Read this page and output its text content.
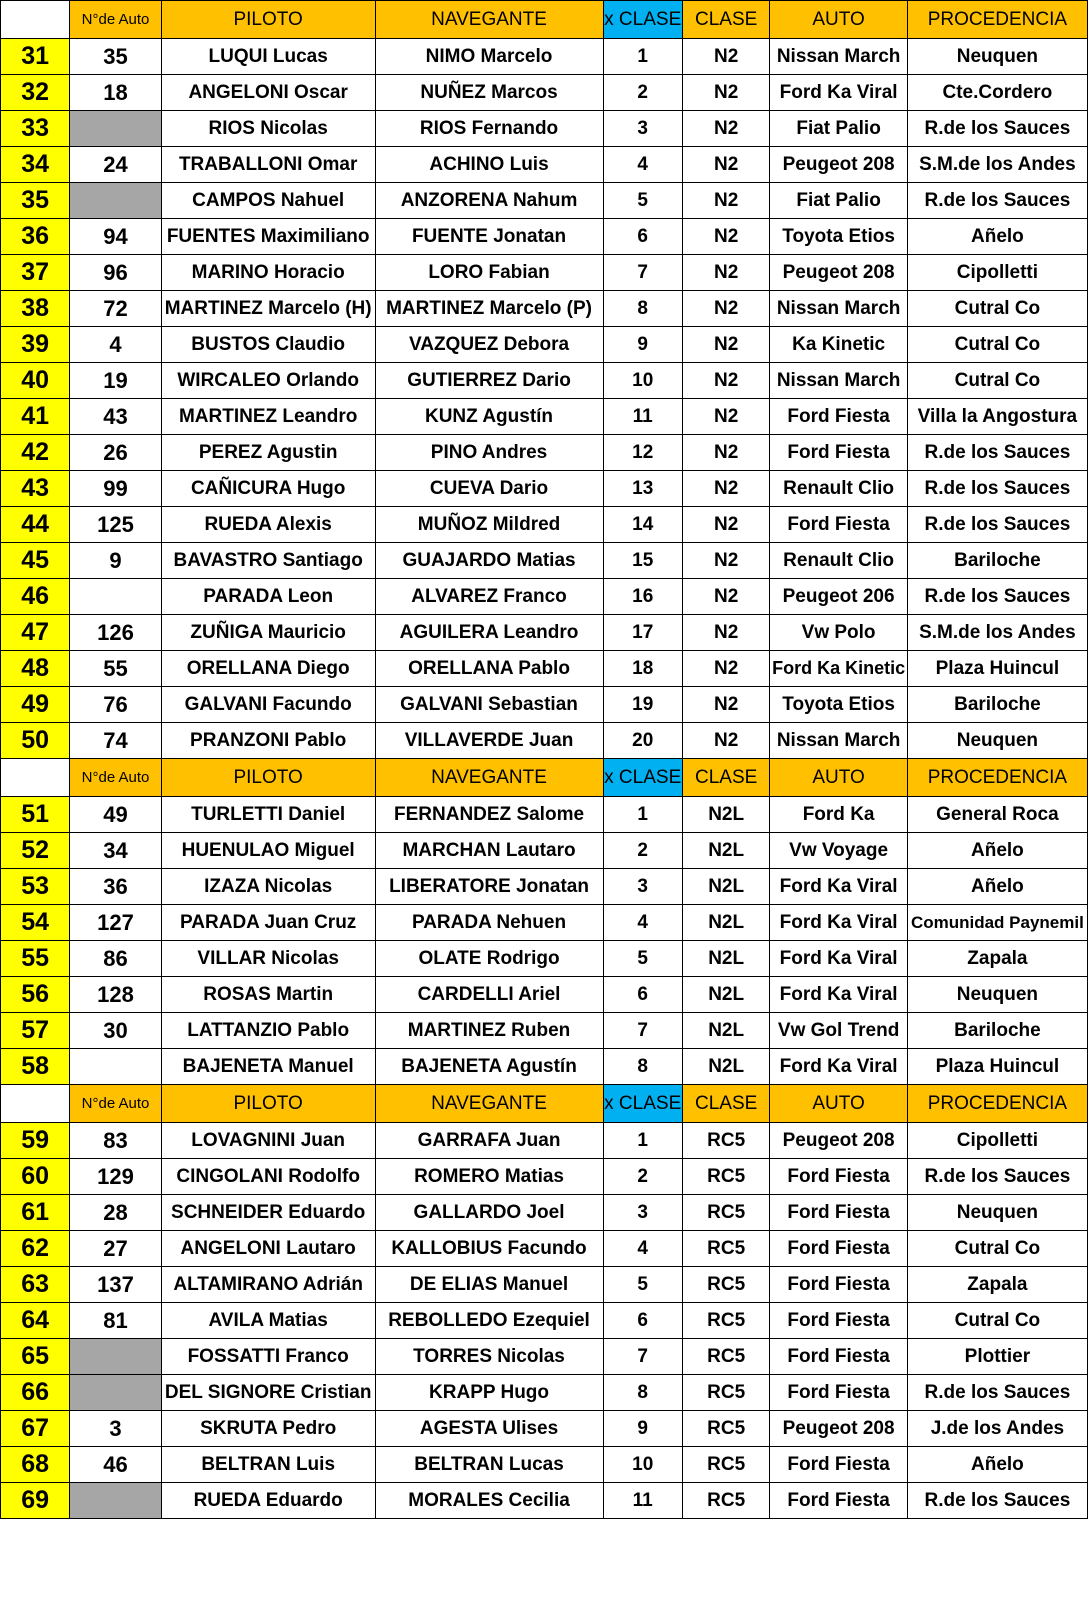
	N°de Auto	PILOTO	NAVEGANTE	x CLASE	CLASE	AUTO	PROCEDENCIA
31	35	LUQUI Lucas	NIMO Marcelo	1	N2	Nissan March	Neuquen
32	18	ANGELONI Oscar	NUÑEZ Marcos	2	N2	Ford Ka Viral	Cte.Cordero
33		RIOS Nicolas	RIOS Fernando	3	N2	Fiat Palio	R.de los Sauces
34	24	TRABALLONI Omar	ACHINO Luis	4	N2	Peugeot 208	S.M.de los Andes
35		CAMPOS Nahuel	ANZORENA Nahum	5	N2	Fiat Palio	R.de los Sauces
36	94	FUENTES Maximiliano	FUENTE Jonatan	6	N2	Toyota Etios	Añelo
37	96	MARINO Horacio	LORO Fabian	7	N2	Peugeot 208	Cipolletti
38	72	MARTINEZ Marcelo (H)	MARTINEZ Marcelo (P)	8	N2	Nissan March	Cutral Co
39	4	BUSTOS Claudio	VAZQUEZ Debora	9	N2	Ka Kinetic	Cutral Co
40	19	WIRCALEO Orlando	GUTIERREZ Dario	10	N2	Nissan March	Cutral Co
41	43	MARTINEZ Leandro	KUNZ Agustín	11	N2	Ford Fiesta	Villa la Angostura
42	26	PEREZ Agustin	PINO Andres	12	N2	Ford Fiesta	R.de los Sauces
43	99	CAÑICURA Hugo	CUEVA Dario	13	N2	Renault Clio	R.de los Sauces
44	125	RUEDA Alexis	MUÑOZ Mildred	14	N2	Ford Fiesta	R.de los Sauces
45	9	BAVASTRO Santiago	GUAJARDO Matias	15	N2	Renault Clio	Bariloche
46		PARADA Leon	ALVAREZ Franco	16	N2	Peugeot 206	R.de los Sauces
47	126	ZUÑIGA Mauricio	AGUILERA Leandro	17	N2	Vw Polo	S.M.de los Andes
48	55	ORELLANA Diego	ORELLANA Pablo	18	N2	Ford Ka Kinetic	Plaza Huincul
49	76	GALVANI Facundo	GALVANI Sebastian	19	N2	Toyota Etios	Bariloche
50	74	PRANZONI Pablo	VILLAVERDE Juan	20	N2	Nissan March	Neuquen
	N°de Auto	PILOTO	NAVEGANTE	x CLASE	CLASE	AUTO	PROCEDENCIA
51	49	TURLETTI Daniel	FERNANDEZ Salome	1	N2L	Ford Ka	General Roca
52	34	HUENULAO Miguel	MARCHAN Lautaro	2	N2L	Vw Voyage	Añelo
53	36	IZAZA Nicolas	LIBERATORE Jonatan	3	N2L	Ford Ka Viral	Añelo
54	127	PARADA Juan Cruz	PARADA Nehuen	4	N2L	Ford Ka Viral	Comunidad Paynemil
55	86	VILLAR Nicolas	OLATE Rodrigo	5	N2L	Ford Ka Viral	Zapala
56	128	ROSAS Martin	CARDELLI Ariel	6	N2L	Ford Ka Viral	Neuquen
57	30	LATTANZIO Pablo	MARTINEZ Ruben	7	N2L	Vw Gol Trend	Bariloche
58		BAJENETA Manuel	BAJENETA Agustín	8	N2L	Ford Ka Viral	Plaza Huincul
	N°de Auto	PILOTO	NAVEGANTE	x CLASE	CLASE	AUTO	PROCEDENCIA
59	83	LOVAGNINI Juan	GARRAFA Juan	1	RC5	Peugeot 208	Cipolletti
60	129	CINGOLANI Rodolfo	ROMERO Matias	2	RC5	Ford Fiesta	R.de los Sauces
61	28	SCHNEIDER Eduardo	GALLARDO Joel	3	RC5	Ford Fiesta	Neuquen
62	27	ANGELONI Lautaro	KALLOBIUS Facundo	4	RC5	Ford Fiesta	Cutral Co
63	137	ALTAMIRANO Adrián	DE ELIAS Manuel	5	RC5	Ford Fiesta	Zapala
64	81	AVILA Matias	REBOLLEDO Ezequiel	6	RC5	Ford Fiesta	Cutral Co
65		FOSSATTI Franco	TORRES Nicolas	7	RC5	Ford Fiesta	Plottier
66		DEL SIGNORE Cristian	KRAPP Hugo	8	RC5	Ford Fiesta	R.de los Sauces
67	3	SKRUTA Pedro	AGESTA Ulises	9	RC5	Peugeot 208	J.de los Andes
68	46	BELTRAN Luis	BELTRAN Lucas	10	RC5	Ford Fiesta	Añelo
69		RUEDA Eduardo	MORALES Cecilia	11	RC5	Ford Fiesta	R.de los Sauces
